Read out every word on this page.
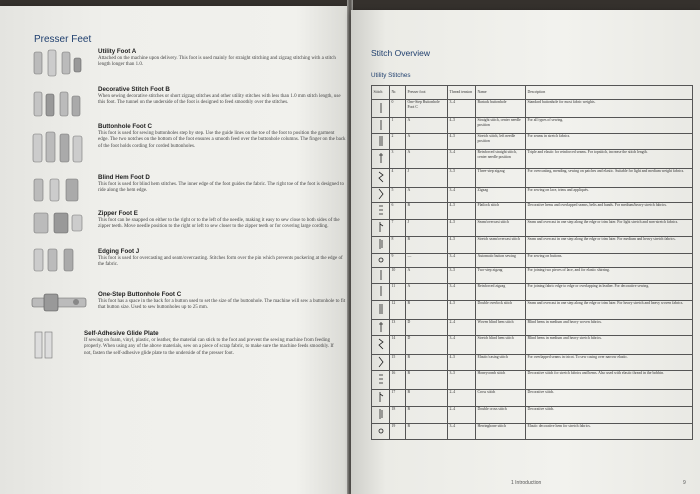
Presser Feet
Utility Foot A

Attached on the machine upon delivery. This foot is used mainly for straight stitching and zigzag stitching with a stitch length longer than 1.0.

Decorative Stitch Foot B

When sewing decorative stitches or short zigzag stitches and other utility stitches with less than 1.0 mm stitch length, use this foot. The tunnel on the underside of the foot is designed to feed smoothly over the stitches.

Buttonhole Foot C

This foot is used for sewing buttonholes step by step. Use the guide lines on the toe of the foot to position the garment edge. The two notches on the bottom of the foot ensures a smooth feed over the buttonhole columns. The finger on the back of the foot holds cording for corded buttonholes.

Blind Hem Foot D

This foot is used for blind hem stitches. The inner edge of the foot guides the fabric. The right toe of the foot is designed to ride along the hem edge.

Zipper Foot E

This foot can be snapped on either to the right or to the left of the needle, making it easy to sew close to both sides of the zipper teeth. Move needle position to the right or left to sew closer to the zipper teeth or for covering large cording.

Edging Foot J

This foot is used for overcasting and seam/overcasting. Stitches form over the pin which prevents puckering at the edge of the fabric.

One-Step Buttonhole Foot C

This foot has a space in the back for a button used to set the size of the buttonhole. The machine will sew a buttonhole to fit that button size. Used to sew buttonholes up to 25 mm.

Self-Adhesive Glide Plate

If sewing on foam, vinyl, plastic, or leather, the material can stick to the foot and prevent the sewing machine from feeding properly. When using any of the above materials, sew on a piece of scrap fabric, to make sure the machine feeds smoothly. If not, fasten the self-adhesive glide plate to the underside of the presser foot.

Stitch Overview
Utility Stitches
Stitch	Nr.	Presser foot	Thread tension	Name	Description
	0	One-Step Buttonhole Foot C	3–4	Bartack buttonhole	Standard buttonhole for most fabric weights.
	1	A	4–5	Straight stitch, center needle position	For all types of sewing.
	2	A	4–5	Stretch stitch, left needle position	For seams in stretch fabrics.
	3	A	3–4	Reinforced straight stitch, center needle position	Triple and elastic for reinforced seams. For topstitch, increase the stitch length.
	4	J	3–5	Three-step zigzag	For overcasting, mending, sewing on patches and elastic. Suitable for light and medium weight fabrics.
	5	A	3–4	Zigzag	For sewing on lace, trims and appliqués.
	6	B	4–5	Flatlock stitch	Decorative hems and overlapped seams, belts and bands. For medium/heavy stretch fabrics.
	7	J	4–5	Seam/overcast stitch	Seam and overcast in one step along the edge or trim later. For light stretch and non-stretch fabrics.
	8	B	4–5	Stretch seam/overcast stitch	Seam and overcast in one step along the edge or trim later. For medium and heavy stretch fabrics.
	9	—	3–4	Automatic button sewing	For sewing on buttons.
	10	A	3–5	Two-step zigzag	For joining two pieces of lace, and for elastic shirring.
	11	A	3–4	Reinforced zigzag	For joining fabric edge to edge or overlapping in leather. For decorative sewing.
	12	B	4–5	Double overlock stitch	Seam and overcast in one step along the edge or trim later. For heavy stretch and heavy woven fabrics.
	13	D	2–4	Woven blind hem stitch	Blind hems in medium and heavy woven fabrics.
	14	D	3–4	Stretch blind hem stitch	Blind hems in medium and heavy stretch fabrics.
	15	B	4–5	Elastic/casing stitch	For overlapped seams in tricot. To sew casing over narrow elastic.
	16	B	3–5	Honeycomb stitch	Decorative stitch for stretch fabrics and hems. Also used with elastic thread in the bobbin.
	17	B	2–4	Cross stitch	Decorative stitch.
	18	B	2–4	Double cross stitch	Decorative stitch.
	19	B	3–4	Herringbone stitch	Elastic decorative hem for stretch fabrics.
1 Introduction	9
